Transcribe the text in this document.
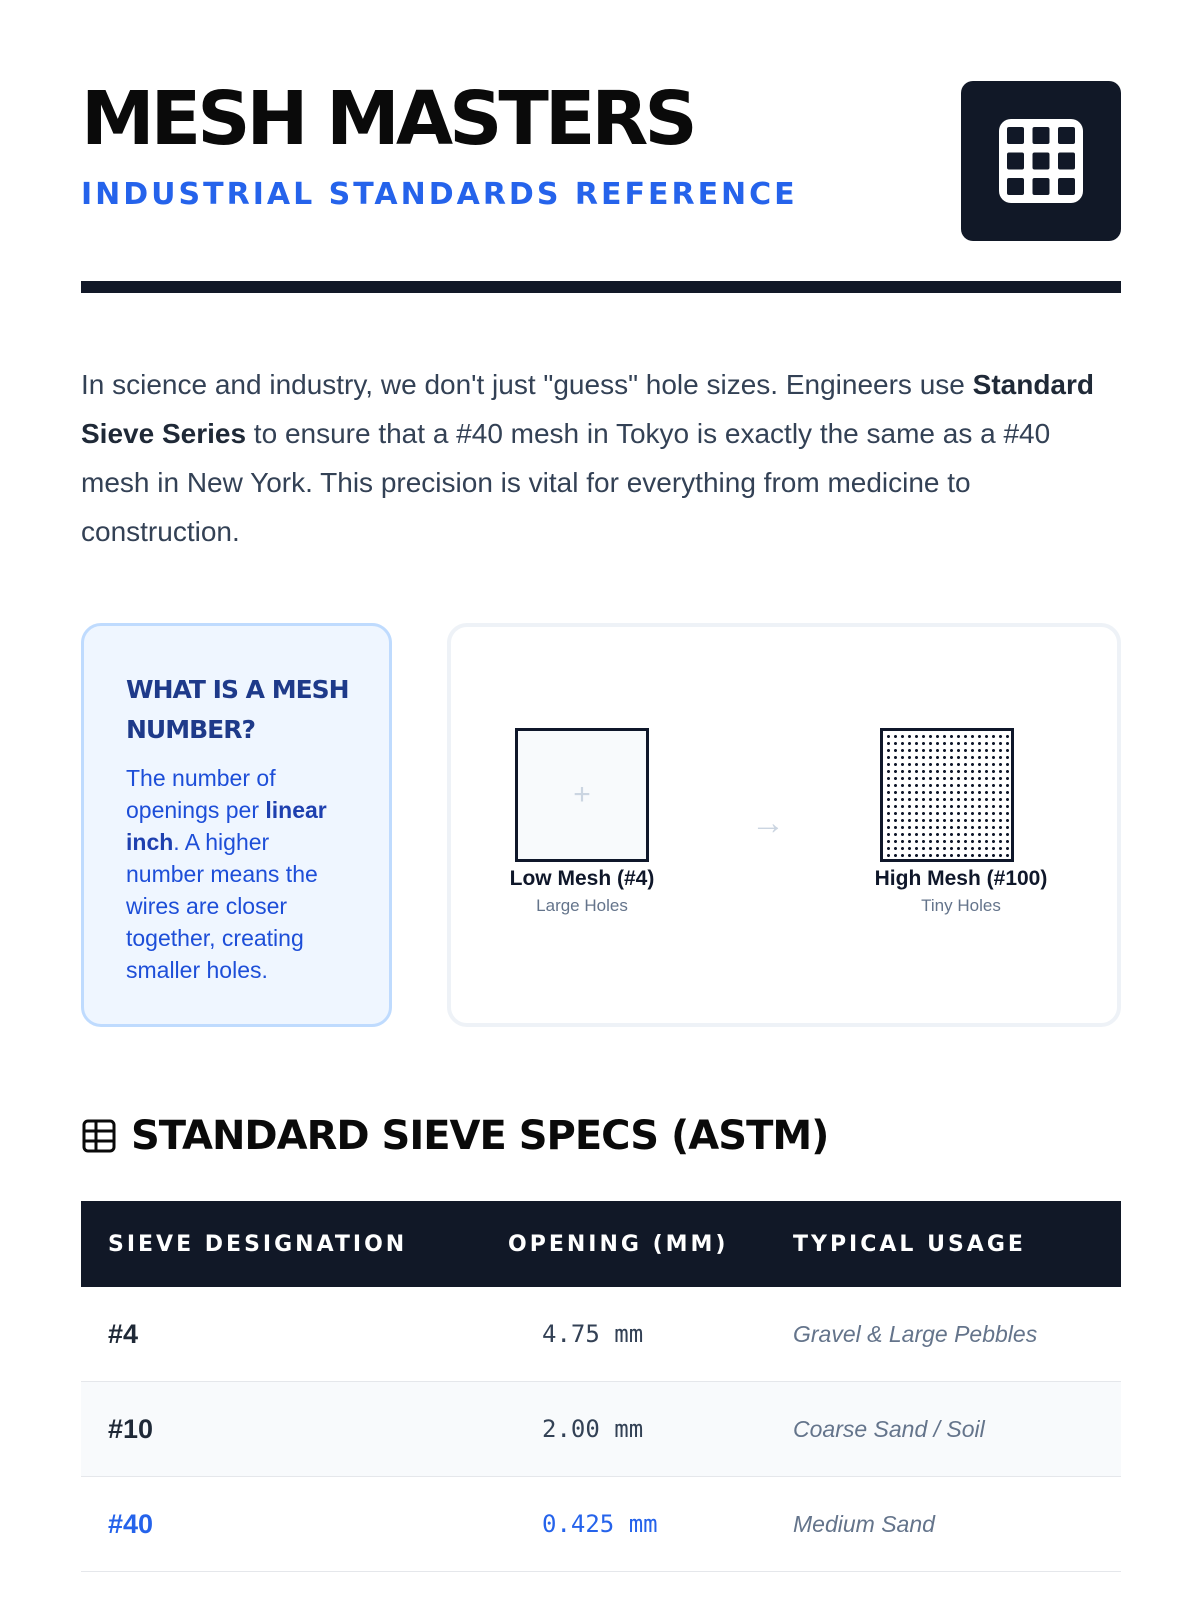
MESH MASTERS
INDUSTRIAL STANDARDS REFERENCE

In science and industry, we don't just "guess" hole sizes. Engineers use Standard Sieve Series to ensure that a #40 mesh in Tokyo is exactly the same as a #40 mesh in New York. This precision is vital for everything from medicine to construction.

WHAT IS A MESH NUMBER?

The number of openings per linear inch. A higher number means the wires are closer together, creating smaller holes.

+
Low Mesh (#4)
Large Holes
→
High Mesh (#100)
Tiny Holes
STANDARD SIEVE SPECS (ASTM)
SIEVE DESIGNATION	OPENING (MM)	TYPICAL USAGE
#4	4.75 mm	Gravel & Large Pebbles
#10	2.00 mm	Coarse Sand / Soil
#40	0.425 mm	Medium Sand
